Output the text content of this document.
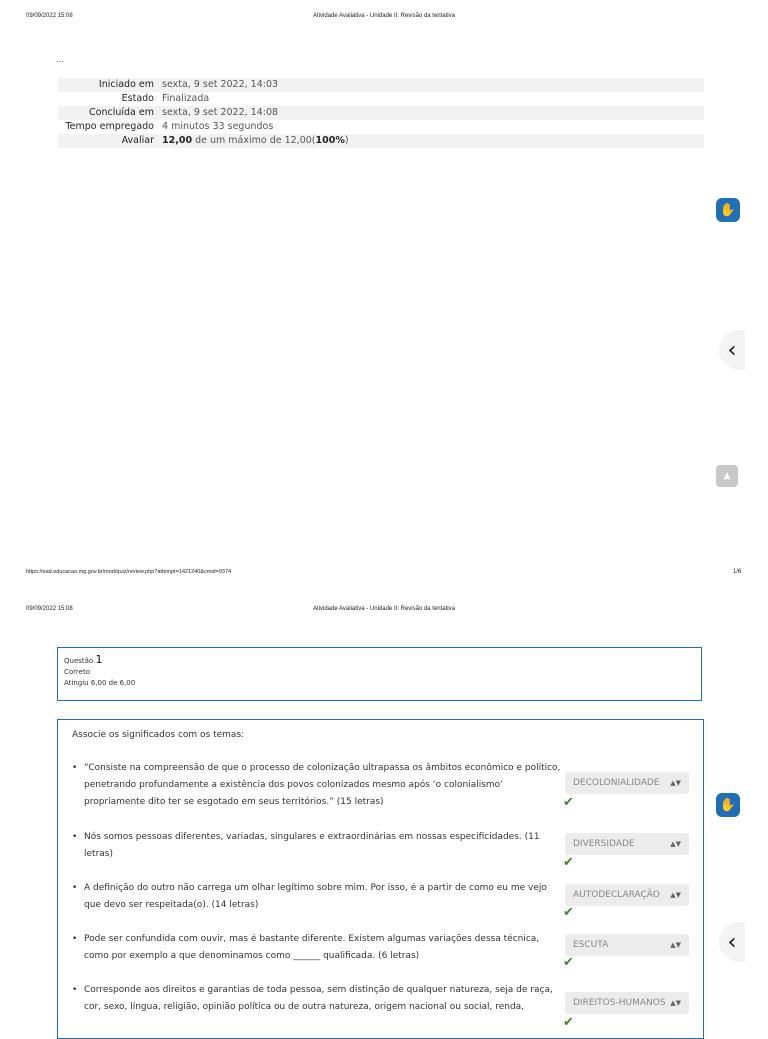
09/09/2022 15:08	Atividade Avaliativa - Unidade II: Revisão da tentativa
...
Iniciado em	sexta, 9 set 2022, 14:03
Estado	Finalizada
Concluída em	sexta, 9 set 2022, 14:08
Tempo empregado	4 minutos 33 segundos
Avaliar	12,00 de um máximo de 12,00(100%)
✋
‹
▲
https://ead.educacao.mg.gov.br/mod/quiz/review.php?attempt=1421240&cmid=9374	1/6
09/09/2022 15:08	Atividade Avaliativa - Unidade II: Revisão da tentativa
Questão 1
Correto
Atingiu 6,00 de 6,00
Associe os significados com os temas:
• “Consiste na compreensão de que o processo de colonização ultrapassa os âmbitos econômico e político, penetrando profundamente a existência dos povos colonizados mesmo após ‘o colonialismo’ propriamente dito ter se esgotado em seus territórios.” (15 letras)
DECOLONIALIDADE ▲▼
✔
• Nós somos pessoas diferentes, variadas, singulares e extraordinárias em nossas especificidades. (11 letras)
DIVERSIDADE	▲▼
✔
• A definição do outro não carrega um olhar legítimo sobre mim. Por isso, é a partir de como eu me vejo que devo ser respeitada(o). (14 letras)
AUTODECLARAÇÃO ▲▼
✔
• Pode ser confundida com ouvir, mas é bastante diferente. Existem algumas variações dessa técnica, como por exemplo a que denominamos como ______ qualificada. (6 letras)
ESCUTA	▲▼
✔
• Corresponde aos direitos e garantias de toda pessoa, sem distinção de qualquer natureza, seja de raça, cor, sexo, língua, religião, opinião política ou de outra natureza, origem nacional ou social, renda,	DIREITOS-HUMANOS ▲▼
✔
✋
‹
